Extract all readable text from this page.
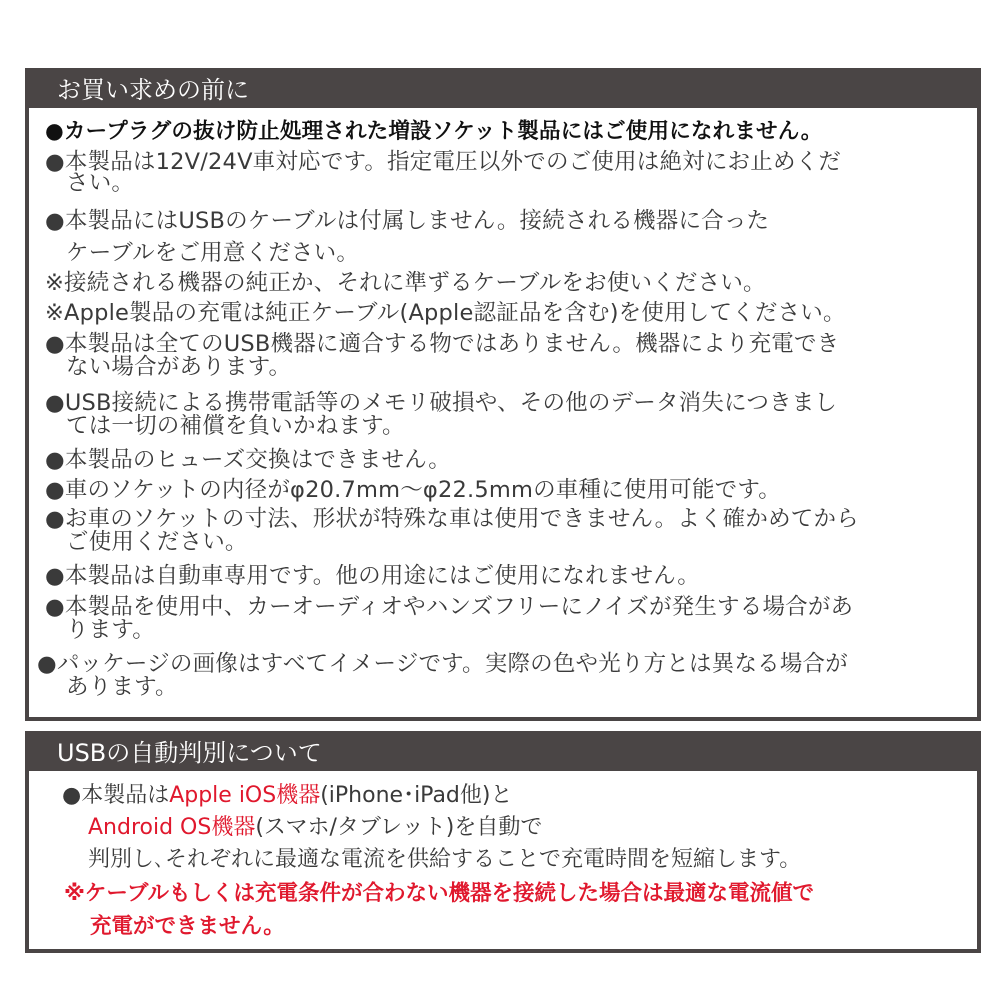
お買い求めの前に
●カープラグの抜け防止処理された増設ソケット製品にはご使用になれません。
●本製品は12V/24V車対応です。指定電圧以外でのご使用は絶対にお止めくだ
さい。
●本製品にはUSBのケーブルは付属しません。接続される機器に合った
ケーブルをご用意ください。
※接続される機器の純正か、それに準ずるケーブルをお使いください。
※Apple製品の充電は純正ケーブル(Apple認証品を含む)を使用してください。
●本製品は全てのUSB機器に適合する物ではありません。機器により充電でき
ない場合があります。
●USB接続による携帯電話等のメモリ破損や、その他のデータ消失につきまし
ては一切の補償を負いかねます。
●本製品のヒューズ交換はできません。
●車のソケットの内径がφ20.7mm〜φ22.5mmの車種に使用可能です。
●お車のソケットの寸法、形状が特殊な車は使用できません。よく確かめてから
ご使用ください。
●本製品は自動車専用です。他の用途にはご使用になれません。
●本製品を使用中、カーオーディオやハンズフリーにノイズが発生する場合があ
ります。
●パッケージの画像はすべてイメージです。実際の色や光り方とは異なる場合が
あります。
USBの自動判別について
●本製品はApple iOS機器(iPhone･iPad他)と
Android OS機器(スマホ/タブレット)を自動で
判別し､それぞれに最適な電流を供給することで充電時間を短縮します。
※ケーブルもしくは充電条件が合わない機器を接続した場合は最適な電流値で
充電ができません。
